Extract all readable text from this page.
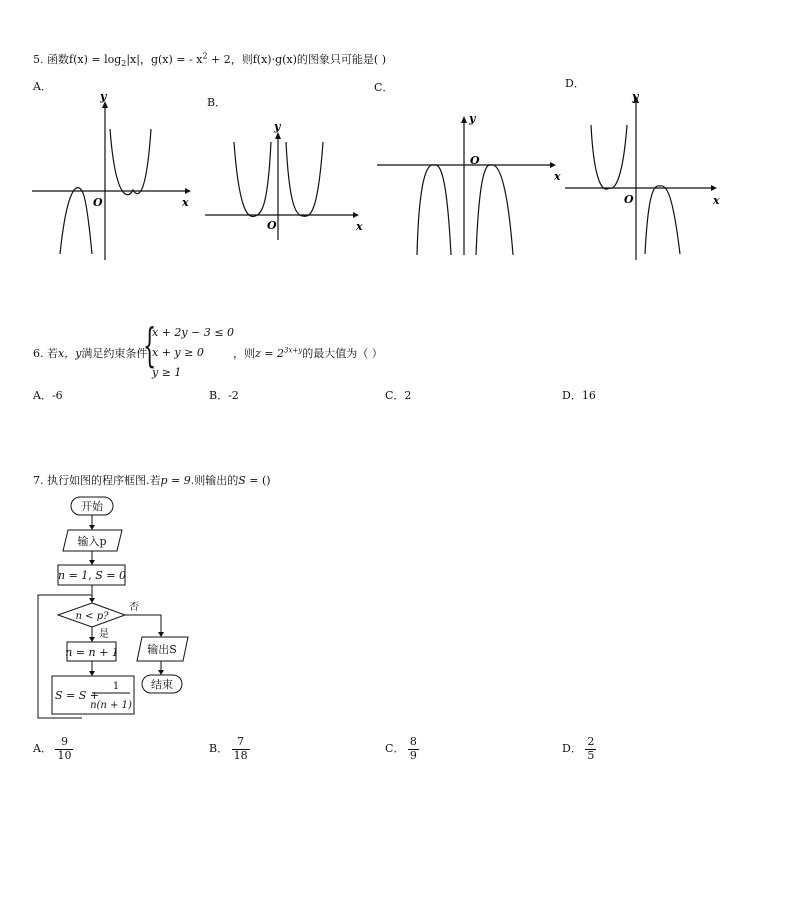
5. 函数$f(x) = \log_2|x|$，g(x) = ‑ $x^2 + 2$，则f(x)·g(x)的图象只可能是( )
A．
B．
C．	D．
y
x
O
y
x
O
y
x
O
y
x
O
6. 若x，y满足约束条件
{
x + 2y − 3 ≤ 0
x + y ≥ 0
y ≥ 1
，则$z = 2^{3x+y}$的最大值为（ ）
A．-6	B．-2	C．2	D．16
7. 执行如图的程序框图.若p = 9.则输出的S = ()
开始
输入p
n = 1, S = 0
n < p?
否
是
n = n + 1
S = S +
1
n(n + 1)
输出S
结束
A． $\frac{9}{10}$	B． $\frac{7}{18}$	C． $\frac{8}{9}$	D． $\frac{2}{5}$
